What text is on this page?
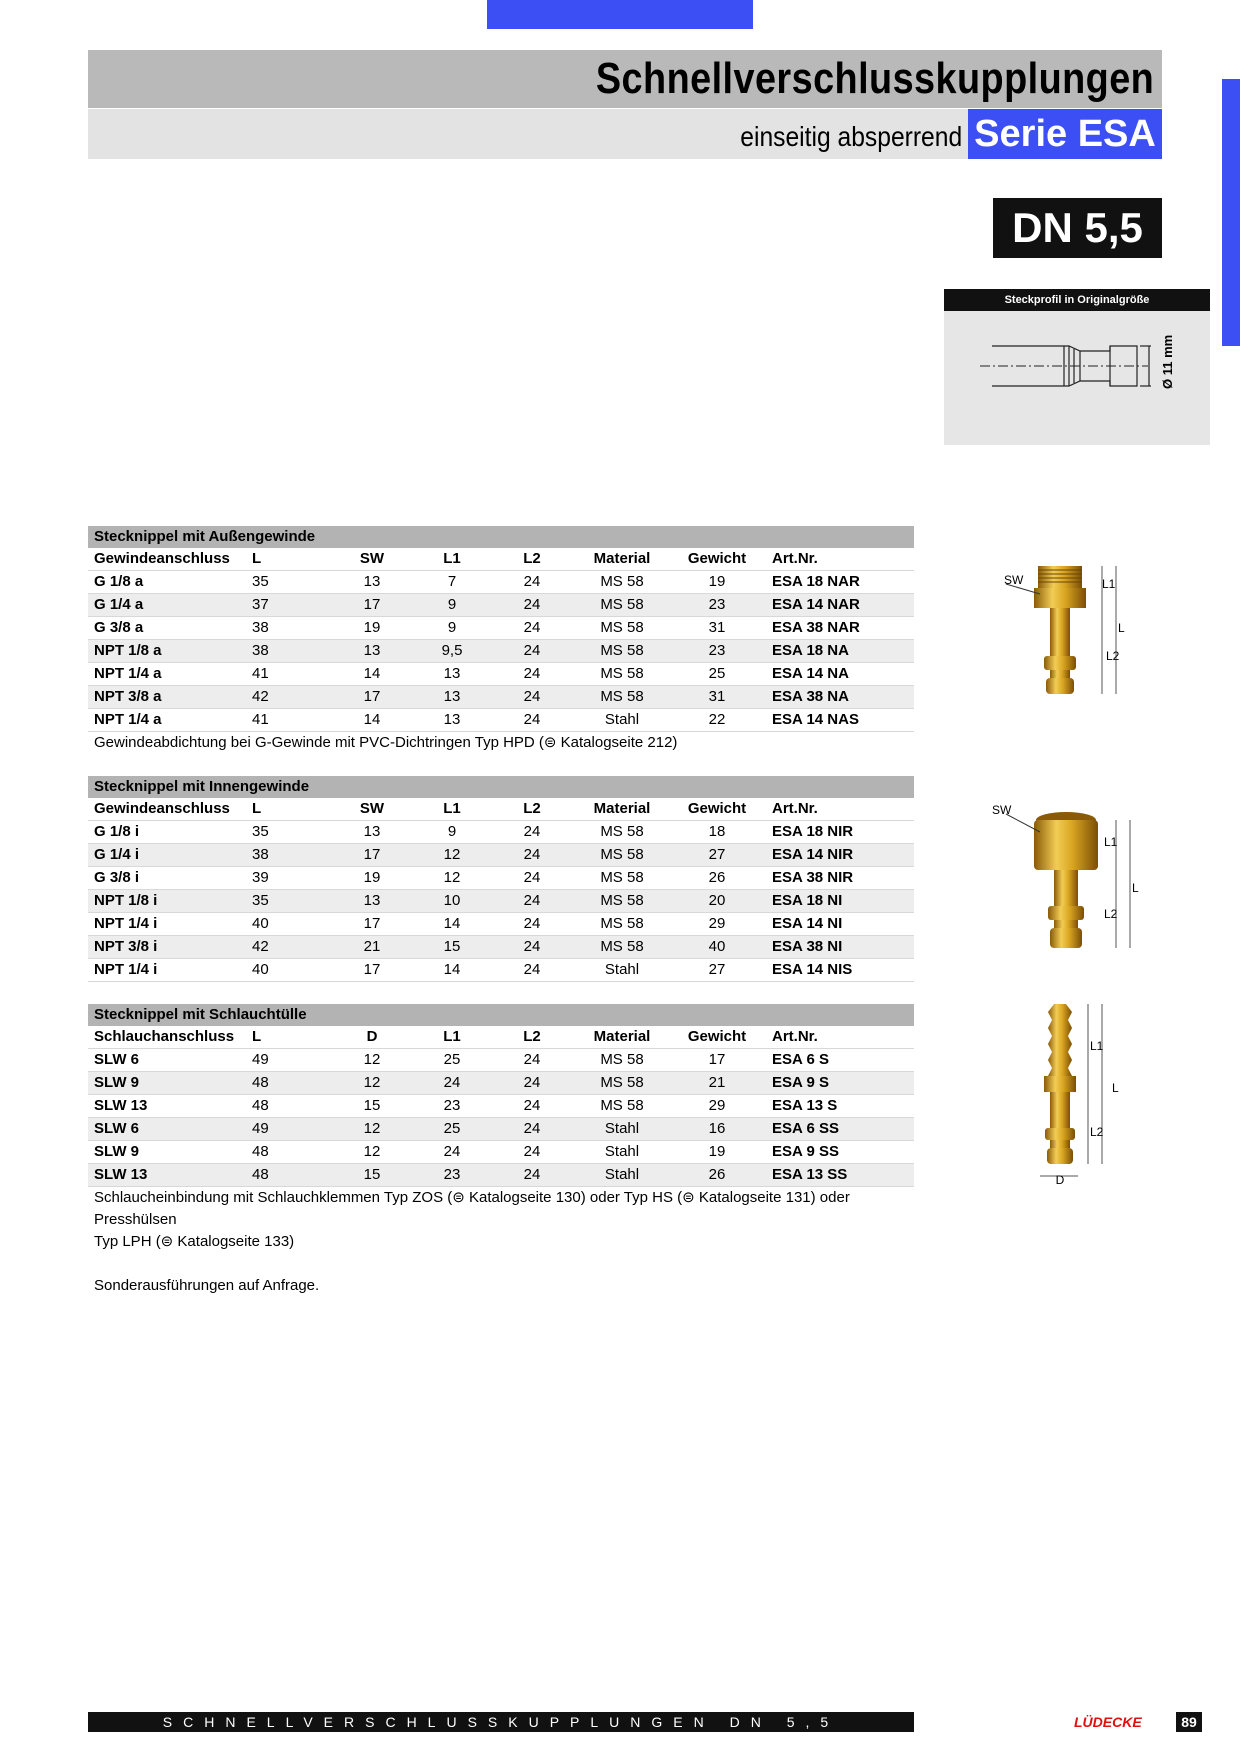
Schnellverschlusskupplungen
einseitig absperrend Serie ESA
DN 5,5
Steckprofil in Originalgröße
Ø 11 mm
Stecknippel mit Außengewinde
Gewindeanschluss	L	SW	L1	L2	Material	Gewicht	Art.Nr.
G 1/8 a	35	13	7	24	MS 58	19	ESA 18 NAR
G 1/4 a	37	17	9	24	MS 58	23	ESA 14 NAR
G 3/8 a	38	19	9	24	MS 58	31	ESA 38 NAR
NPT 1/8 a	38	13	9,5	24	MS 58	23	ESA 18 NA
NPT 1/4 a	41	14	13	24	MS 58	25	ESA 14 NA
NPT 3/8 a	42	17	13	24	MS 58	31	ESA 38 NA
NPT 1/4 a	41	14	13	24	Stahl	22	ESA 14 NAS
Gewindeabdichtung bei G-Gewinde mit PVC-Dichtringen Typ HPD (⊜ Katalogseite 212)
Stecknippel mit Innengewinde
Gewindeanschluss	L	SW	L1	L2	Material	Gewicht	Art.Nr.
G 1/8 i	35	13	9	24	MS 58	18	ESA 18 NIR
G 1/4 i	38	17	12	24	MS 58	27	ESA 14 NIR
G 3/8 i	39	19	12	24	MS 58	26	ESA 38 NIR
NPT 1/8 i	35	13	10	24	MS 58	20	ESA 18 NI
NPT 1/4 i	40	17	14	24	MS 58	29	ESA 14 NI
NPT 3/8 i	42	21	15	24	MS 58	40	ESA 38 NI
NPT 1/4 i	40	17	14	24	Stahl	27	ESA 14 NIS
Stecknippel mit Schlauchtülle
Schlauchanschluss	L	D	L1	L2	Material	Gewicht	Art.Nr.
SLW 6	49	12	25	24	MS 58	17	ESA 6 S
SLW 9	48	12	24	24	MS 58	21	ESA 9 S
SLW 13	48	15	23	24	MS 58	29	ESA 13 S
SLW 6	49	12	25	24	Stahl	16	ESA 6 SS
SLW 9	48	12	24	24	Stahl	19	ESA 9 SS
SLW 13	48	15	23	24	Stahl	26	ESA 13 SS
Schlaucheinbindung mit Schlauchklemmen Typ ZOS (⊜ Katalogseite 130) oder Typ HS (⊜ Katalogseite 131) oder Presshülsen
Typ LPH (⊜ Katalogseite 133)
Sonderausführungen auf Anfrage.
SW	L1
L2
L
SW
L1
L2
L
L1
L2
L
D
SCHNELLVERSCHLUSSKUPPLUNGEN DN 5,5	LÜDECKE	89
